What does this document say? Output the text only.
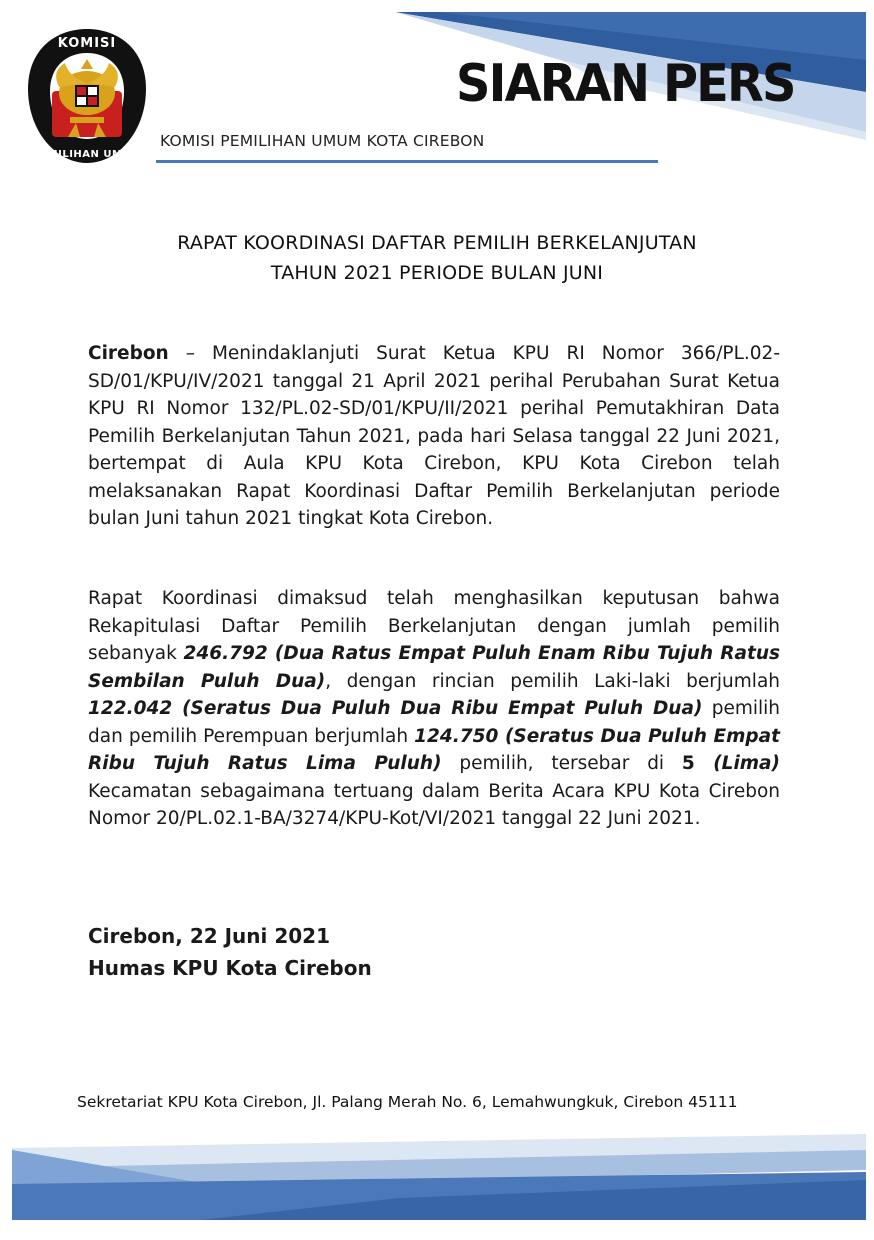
KOMISI
PEMILIHAN UMUM
SIARAN PERS
KOMISI PEMILIHAN UMUM KOTA CIREBON
RAPAT KOORDINASI DAFTAR PEMILIH BERKELANJUTAN
TAHUN 2021 PERIODE BULAN JUNI
Cirebon – Menindaklanjuti Surat Ketua KPU RI Nomor 366/PL.02-SD/01/KPU/IV/2021 tanggal 21 April 2021 perihal Perubahan Surat Ketua KPU RI Nomor 132/PL.02-SD/01/KPU/II/2021 perihal Pemutakhiran Data Pemilih Berkelanjutan Tahun 2021, pada hari Selasa tanggal 22 Juni 2021, bertempat di Aula KPU Kota Cirebon, KPU Kota Cirebon telah melaksanakan Rapat Koordinasi Daftar Pemilih Berkelanjutan periode bulan Juni tahun 2021 tingkat Kota Cirebon.
Rapat Koordinasi dimaksud telah menghasilkan keputusan bahwa Rekapitulasi Daftar Pemilih Berkelanjutan dengan jumlah pemilih sebanyak 246.792 (Dua Ratus Empat Puluh Enam Ribu Tujuh Ratus Sembilan Puluh Dua), dengan rincian pemilih Laki-laki berjumlah 122.042 (Seratus Dua Puluh Dua Ribu Empat Puluh Dua) pemilih dan pemilih Perempuan berjumlah 124.750 (Seratus Dua Puluh Empat Ribu Tujuh Ratus Lima Puluh) pemilih, tersebar di 5 (Lima) Kecamatan sebagaimana tertuang dalam Berita Acara KPU Kota Cirebon Nomor 20/PL.02.1-BA/3274/KPU-Kot/VI/2021 tanggal 22 Juni 2021.
Cirebon, 22 Juni 2021
Humas KPU Kota Cirebon
Sekretariat KPU Kota Cirebon, Jl. Palang Merah No. 6, Lemahwungkuk, Cirebon 45111
